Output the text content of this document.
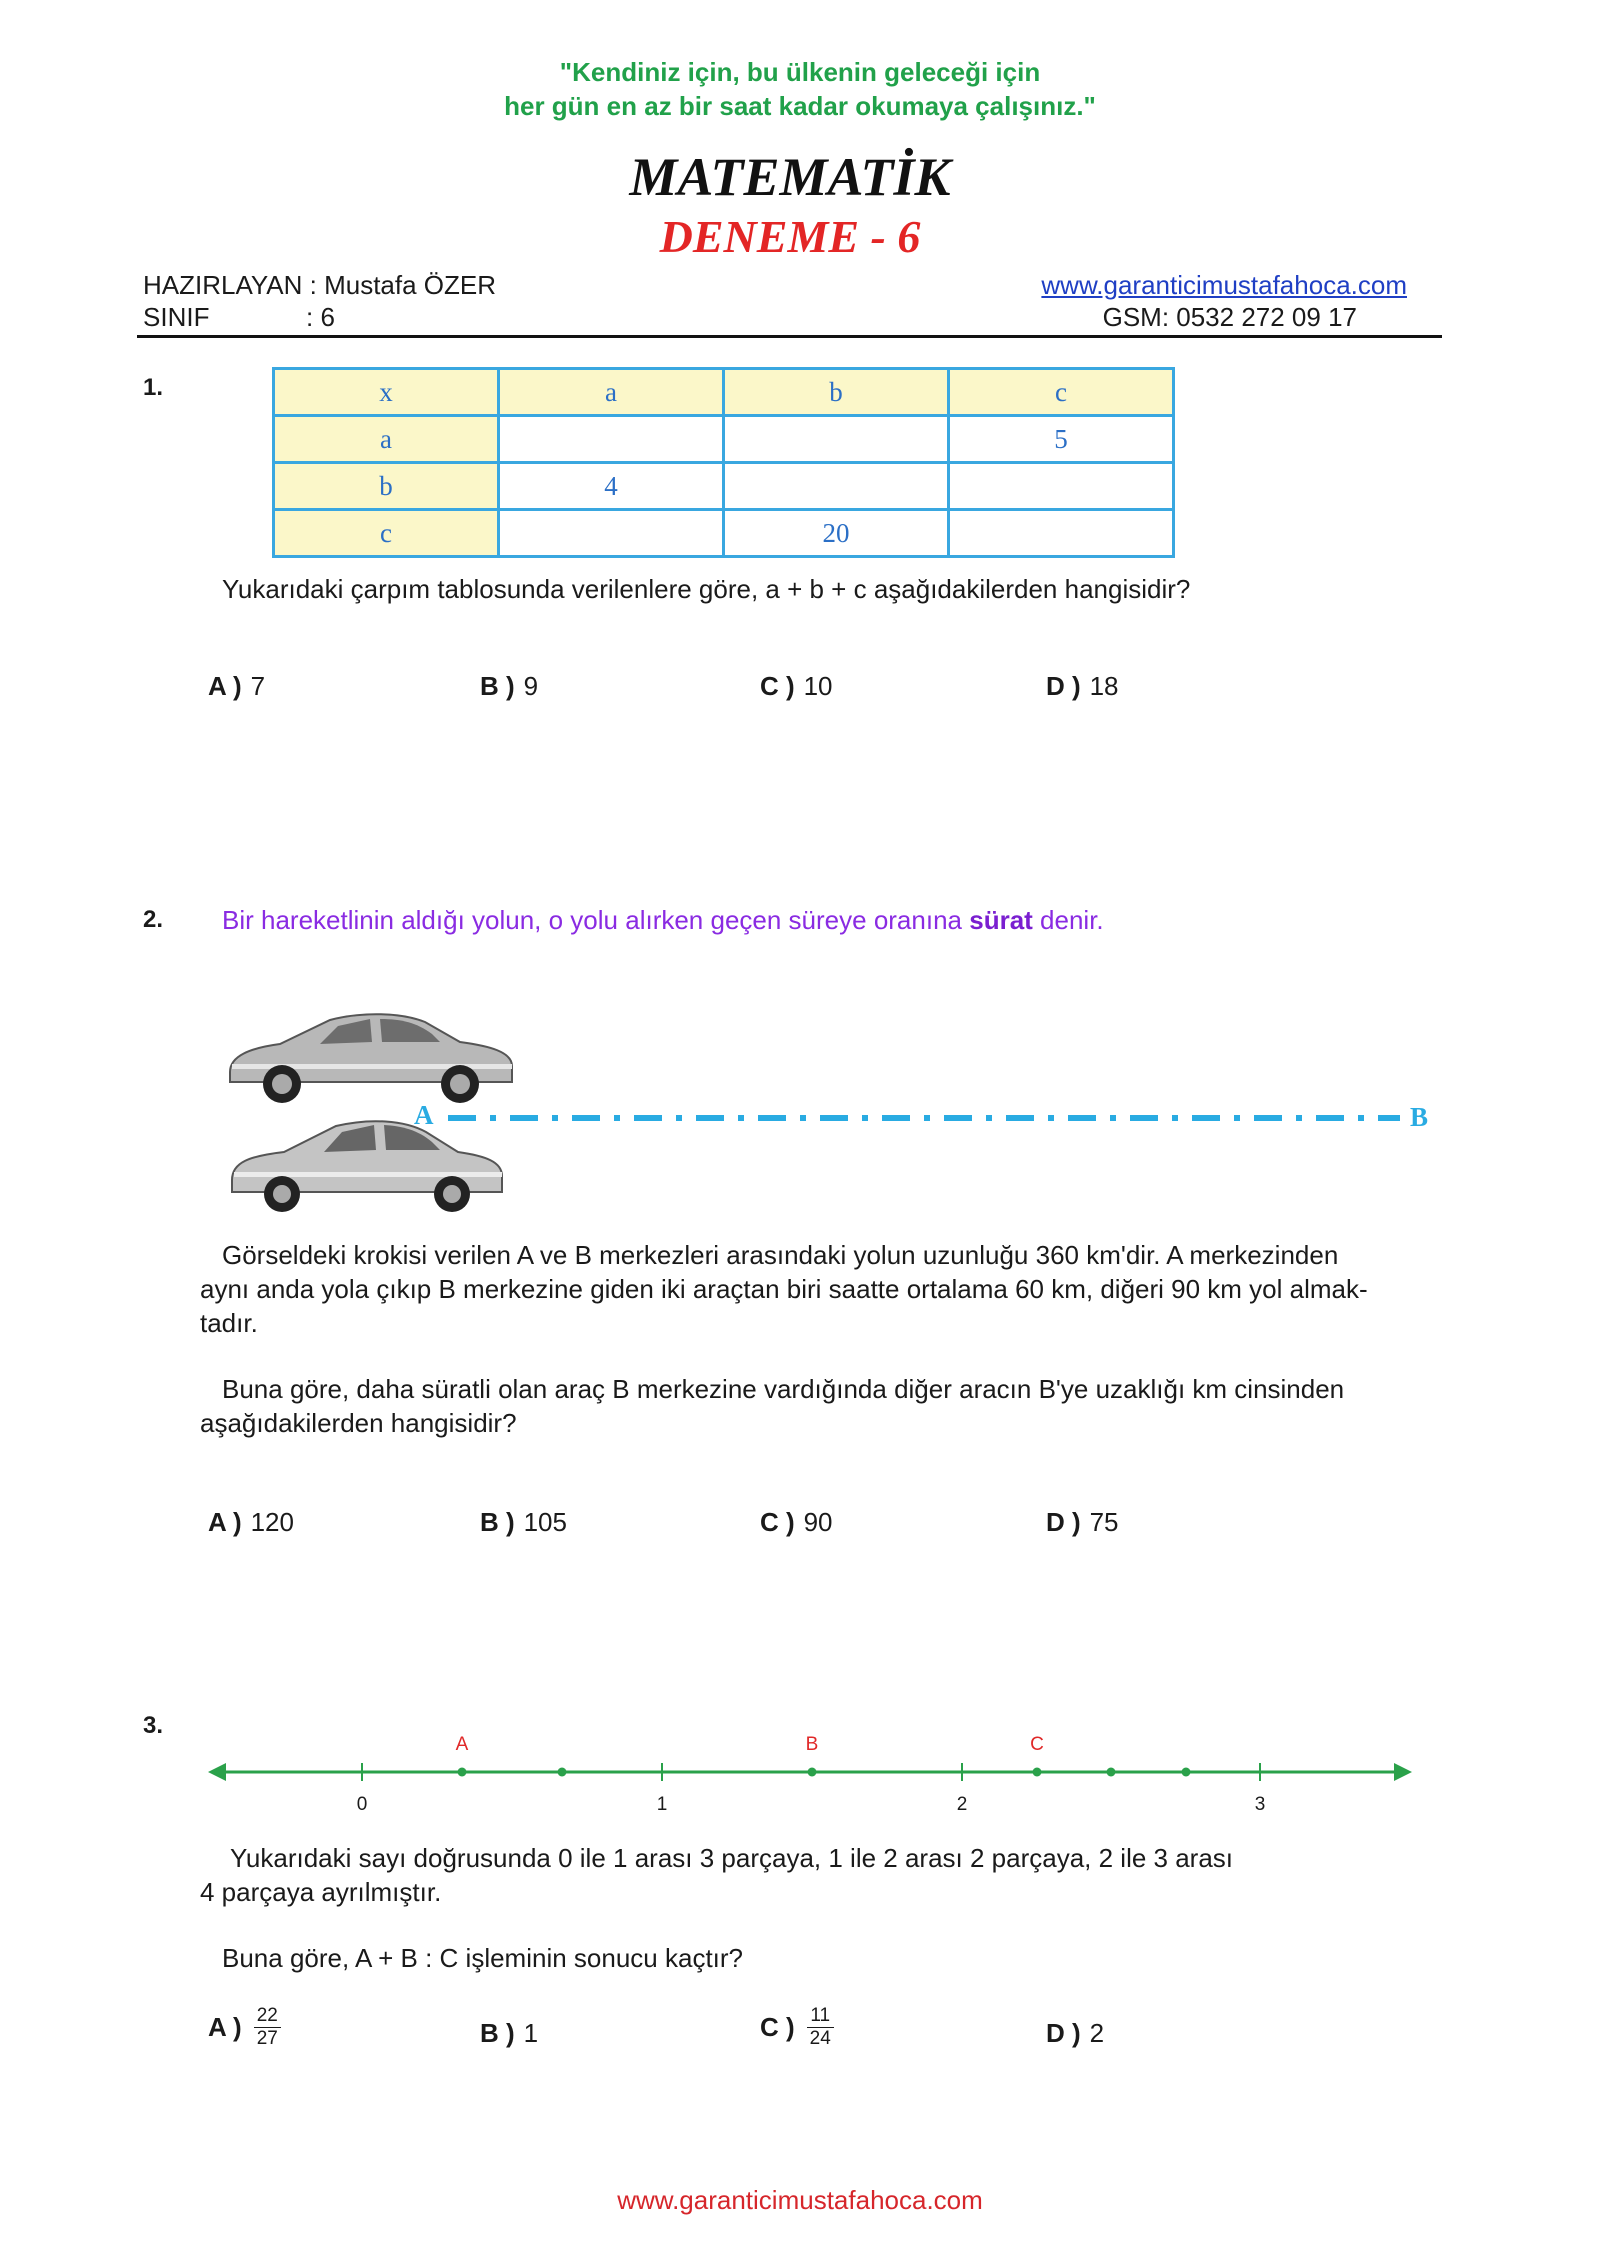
"Kendiniz için, bu ülkenin geleceği için
her gün en az bir saat kadar okumaya çalışınız."
MATEMATİK
DENEME - 6
HAZIRLAYAN : Mustafa ÖZER
SINIF	: 6
www.garanticimustafahoca.com
GSM: 0532 272 09 17
1.	x	a	b	c
a			5
b	4		
c		20	
Yukarıdaki çarpım tablosunda verilenlere göre, a + b + c aşağıdakilerden hangisidir?
A ) 7	B ) 9	C ) 10	D ) 18
2. Bir hareketlinin aldığı yolun, o yolu alırken geçen süreye oranına sürat denir.
A	B
Görseldeki krokisi verilen A ve B merkezleri arasındaki yolun uzunluğu 360 km'dir. A merkezinden
aynı anda yola çıkıp B merkezine giden iki araçtan biri saatte ortalama 60 km, diğeri 90 km yol almak-
tadır.
Buna göre, daha süratli olan araç B merkezine vardığında diğer aracın B'ye uzaklığı km cinsinden
aşağıdakilerden hangisidir?
A ) 120	B ) 105	C ) 90	D ) 75
3.
A	B	C
0	1	2	3
Yukarıdaki sayı doğrusunda 0 ile 1 arası 3 parçaya, 1 ile 2 arası 2 parçaya, 2 ile 3 arası
4 parçaya ayrılmıştır.
Buna göre, A + B : C işleminin sonucu kaçtır?
A ) $\frac{22}{27}$	B ) 1	C ) $\frac{11}{24}$	D ) 2
www.garanticimustafahoca.com
